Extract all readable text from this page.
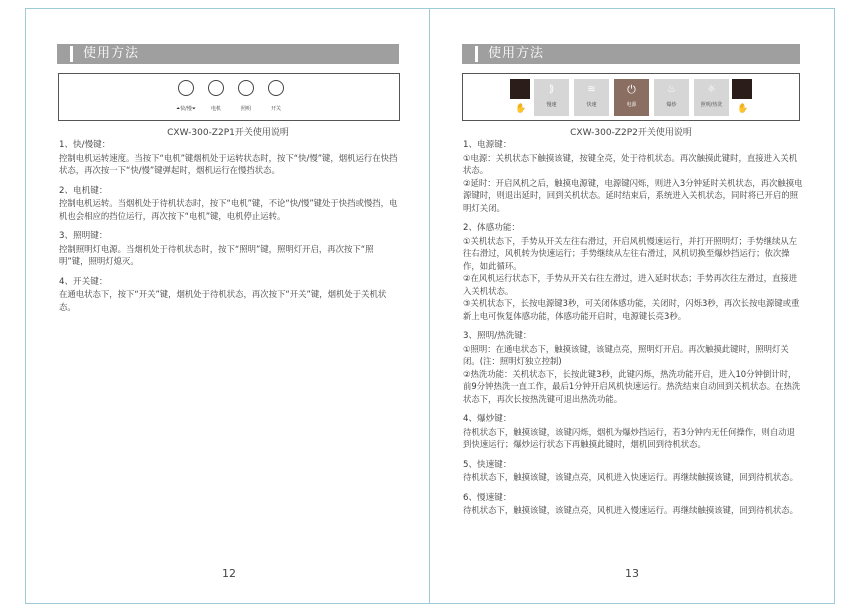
使用方法
⏶快/慢⏷	电机	照明	开关
CXW-300-Z2P1开关使用说明
1、快/慢键：

控制电机运转速度。当按下“电机”键烟机处于运转状态时，按下“快/慢”键，烟机运行在快挡状态，再次按一下“快/慢”键弹起时，烟机运行在慢挡状态。

2、电机键：

控制电机运转。当烟机处于待机状态时，按下“电机”键，不论“快/慢”键处于快挡或慢挡，电机也会相应的挡位运行，再次按下“电机”键，电机停止运转。

3、照明键：

控制照明灯电源。当烟机处于待机状态时，按下“照明”键，照明灯开启，再次按下“照明”键，照明灯熄灭。

4、开关键：

在通电状态下，按下“开关”键，烟机处于待机状态，再次按下“开关”键，烟机处于关机状态。

12
使用方法
✋
⟫
慢速
≋
快速
⏻
电源
♨
爆炒
☼
照明/热洗	✋
CXW-300-Z2P2开关使用说明
1、电源键：

①电源：关机状态下触摸该键，按键全亮，处于待机状态。再次触摸此键时，直接进入关机状态。

②延时：开启风机之后，触摸电源键，电源键闪烁，则进入3分钟延时关机状态，再次触摸电源键时，则退出延时，回到关机状态。延时结束后，系统进入关机状态，同时将已开启的照明灯关闭。

2、体感功能：

①关机状态下，手势从开关左往右滑过，开启风机慢速运行，并打开照明灯；手势继续从左往右滑过，风机转为快速运行；手势继续从左往右滑过，风机切换至爆炒挡运行；依次操作，如此循环。

②在风机运行状态下，手势从开关右往左滑过，进入延时状态；手势再次往左滑过，直接进入关机状态。

③关机状态下，长按电源键3秒，可关闭体感功能，关闭时，闪烁3秒，再次长按电源键或重新上电可恢复体感功能，体感功能开启时，电源键长亮3秒。

3、照明/热洗键：

①照明：在通电状态下，触摸该键，该键点亮，照明灯开启。再次触摸此键时，照明灯关闭。(注：照明灯独立控制)

②热洗功能：关机状态下，长按此键3秒，此键闪烁，热洗功能开启，进入10分钟倒计时，前9分钟热洗一直工作，最后1分钟开启风机快速运行。热洗结束自动回到关机状态。在热洗状态下，再次长按热洗键可退出热洗功能。

4、爆炒键：

待机状态下，触摸该键，该键闪烁，烟机为爆炒挡运行，若3分钟内无任何操作，则自动退到快速运行；爆炒运行状态下再触摸此键时，烟机回到待机状态。

5、快速键：

待机状态下，触摸该键，该键点亮，风机进入快速运行。再继续触摸该键，回到待机状态。

6、慢速键：

待机状态下，触摸该键，该键点亮，风机进入慢速运行。再继续触摸该键，回到待机状态。

13
